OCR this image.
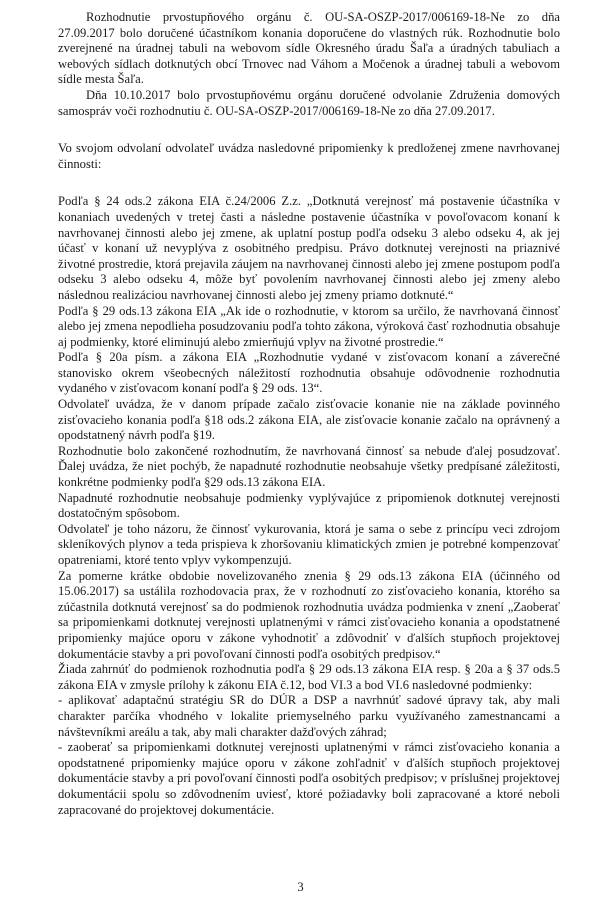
Rozhodnutie prvostupňového orgánu č. OU-SA-OSZP-2017/006169-18-Ne zo dňa 27.09.2017 bolo doručené účastníkom konania doporučene do vlastných rúk. Rozhodnutie bolo zverejnené na úradnej tabuli na webovom sídle Okresného úradu Šaľa a úradných tabuliach a webových sídlach dotknutých obcí Trnovec nad Váhom a Močenok a úradnej tabuli a webovom sídle mesta Šaľa.

Dňa 10.10.2017 bolo prvostupňovému orgánu doručené odvolanie Združenia domových samospráv voči rozhodnutiu č. OU-SA-OSZP-2017/006169-18-Ne zo dňa 27.09.2017.

Vo svojom odvolaní odvolateľ uvádza nasledovné pripomienky k predloženej zmene navrhovanej činnosti:

Podľa § 24 ods.2 zákona EIA č.24/2006 Z.z. „Dotknutá verejnosť má postavenie účastníka v konaniach uvedených v tretej časti a následne postavenie účastníka v povoľovacom konaní k navrhovanej činnosti alebo jej zmene, ak uplatní postup podľa odseku 3 alebo odseku 4, ak jej účasť v konaní už nevyplýva z osobitného predpisu. Právo dotknutej verejnosti na priaznivé životné prostredie, ktorá prejavila záujem na navrhovanej činnosti alebo jej zmene postupom podľa odseku 3 alebo odseku 4, môže byť povolením navrhovanej činnosti alebo jej zmeny alebo následnou realizáciou navrhovanej činnosti alebo jej zmeny priamo dotknuté.“

Podľa § 29 ods.13 zákona EIA „Ak ide o rozhodnutie, v ktorom sa určilo, že navrhovaná činnosť alebo jej zmena nepodlieha posudzovaniu podľa tohto zákona, výroková časť rozhodnutia obsahuje aj podmienky, ktoré eliminujú alebo zmierňujú vplyv na životné prostredie.“

Podľa § 20a písm. a zákona EIA „Rozhodnutie vydané v zisťovacom konaní a záverečné stanovisko okrem všeobecných náležitostí rozhodnutia obsahuje odôvodnenie rozhodnutia vydaného v zisťovacom konaní podľa § 29 ods. 13“.

Odvolateľ uvádza, že v danom prípade začalo zisťovacie konanie nie na základe povinného zisťovacieho konania podľa §18 ods.2 zákona EIA, ale zisťovacie konanie začalo na oprávnený a opodstatnený návrh podľa §19.

Rozhodnutie bolo zakončené rozhodnutím, že navrhovaná činnosť sa nebude ďalej posudzovať. Ďalej uvádza, že niet pochýb, že napadnuté rozhodnutie neobsahuje všetky predpísané záležitosti, konkrétne podmienky podľa §29 ods.13 zákona EIA.

Napadnuté rozhodnutie neobsahuje podmienky vyplývajúce z pripomienok dotknutej verejnosti dostatočným spôsobom.

Odvolateľ je toho názoru, že činnosť vykurovania, ktorá je sama o sebe z princípu veci zdrojom skleníkových plynov a teda prispieva k zhoršovaniu klimatických zmien je potrebné kompenzovať opatreniami, ktoré tento vplyv vykompenzujú.

Za pomerne krátke obdobie novelizovaného znenia § 29 ods.13 zákona EIA (účinného od 15.06.2017) sa ustálila rozhodovacia prax, že v rozhodnutí zo zisťovacieho konania, ktorého sa zúčastnila dotknutá verejnosť sa do podmienok rozhodnutia uvádza podmienka v znení „Zaoberať sa pripomienkami dotknutej verejnosti uplatnenými v rámci zisťovacieho konania a opodstatnené pripomienky majúce oporu v zákone vyhodnotiť a zdôvodniť v ďalších stupňoch projektovej dokumentácie stavby a pri povoľovaní činnosti podľa osobitých predpisov.“

Žiada zahrnúť do podmienok rozhodnutia podľa § 29 ods.13 zákona EIA resp. § 20a a § 37 ods.5 zákona EIA v zmysle prílohy k zákonu EIA č.12, bod VI.3 a bod VI.6 nasledovné podmienky:

- aplikovať adaptačnú stratégiu SR do DÚR a DSP a navrhnúť sadové úpravy tak, aby mali charakter parčíka vhodného v lokalite priemyselného parku využívaného zamestnancami a návštevníkmi areálu a tak, aby mali charakter dažďových záhrad;
- zaoberať sa pripomienkami dotknutej verejnosti uplatnenými v rámci zisťovacieho konania a opodstatnené pripomienky majúce oporu v zákone zohľadniť v ďalších stupňoch projektovej dokumentácie stavby a pri povoľovaní činnosti podľa osobitých predpisov; v príslušnej projektovej dokumentácii spolu so zdôvodnením uviesť, ktoré požiadavky boli zapracované a ktoré neboli zapracované do projektovej dokumentácie.
3
